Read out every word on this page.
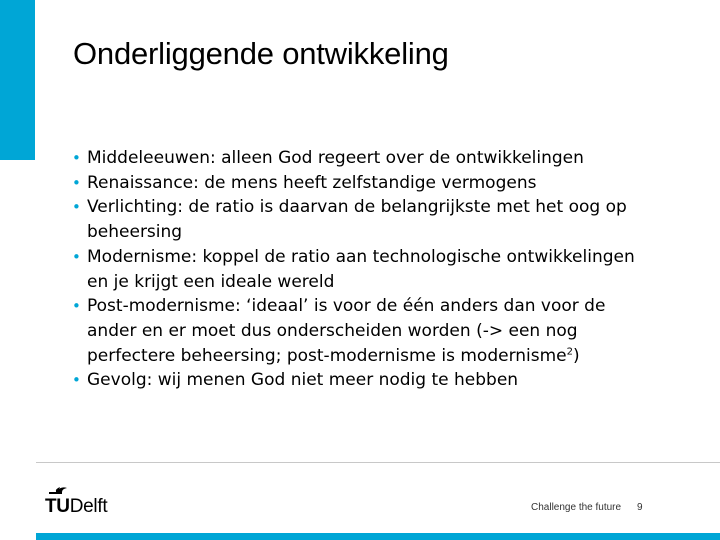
Onderliggende ontwikkeling
• Middeleeuwen: alleen God regeert over de ontwikkelingen
• Renaissance: de mens heeft zelfstandige vermogens
• Verlichting: de ratio is daarvan de belangrijkste met het oog op beheersing
• Modernisme: koppel de ratio aan technologische ontwikkelingen en je krijgt een ideale wereld
• Post-modernisme: ‘ideaal’ is voor de één anders dan voor de ander en er moet dus onderscheiden worden (-> een nog perfectere beheersing; post-modernisme is modernisme$^2$)
• Gevolg: wij menen God niet meer nodig te hebben
TUDelft	Challenge the future 9
